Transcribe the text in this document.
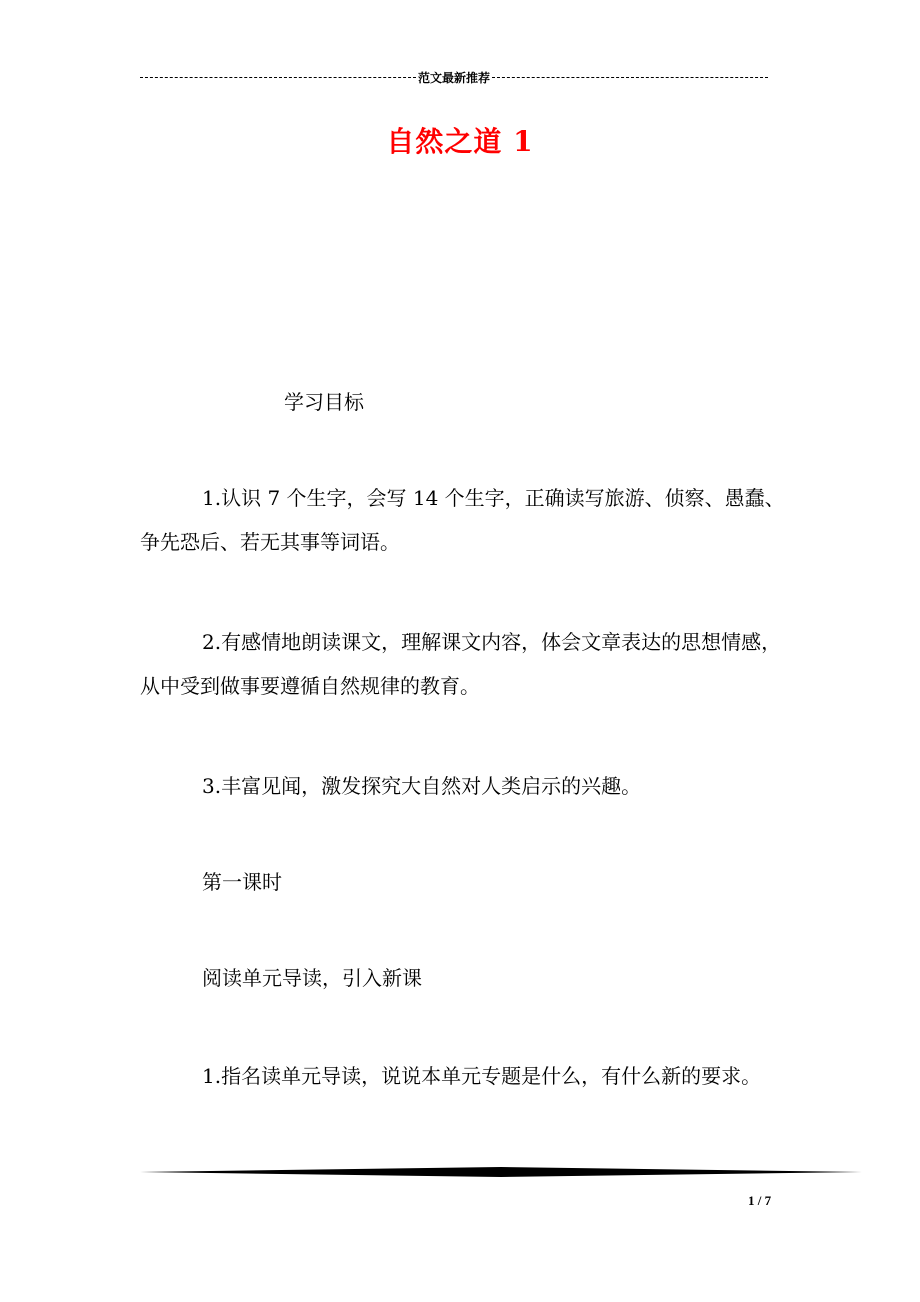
范文最新推荐
自然之道 1

学习目标

1.认识 7 个生字，会写 14 个生字，正确读写旅游、侦察、愚蠢、争先恐后、若无其事等词语。

2.有感情地朗读课文，理解课文内容，体会文章表达的思想情感，从中受到做事要遵循自然规律的教育。

3.丰富见闻，激发探究大自然对人类启示的兴趣。

第一课时

阅读单元导读，引入新课

1.指名读单元导读，说说本单元专题是什么，有什么新的要求。

1 / 7
